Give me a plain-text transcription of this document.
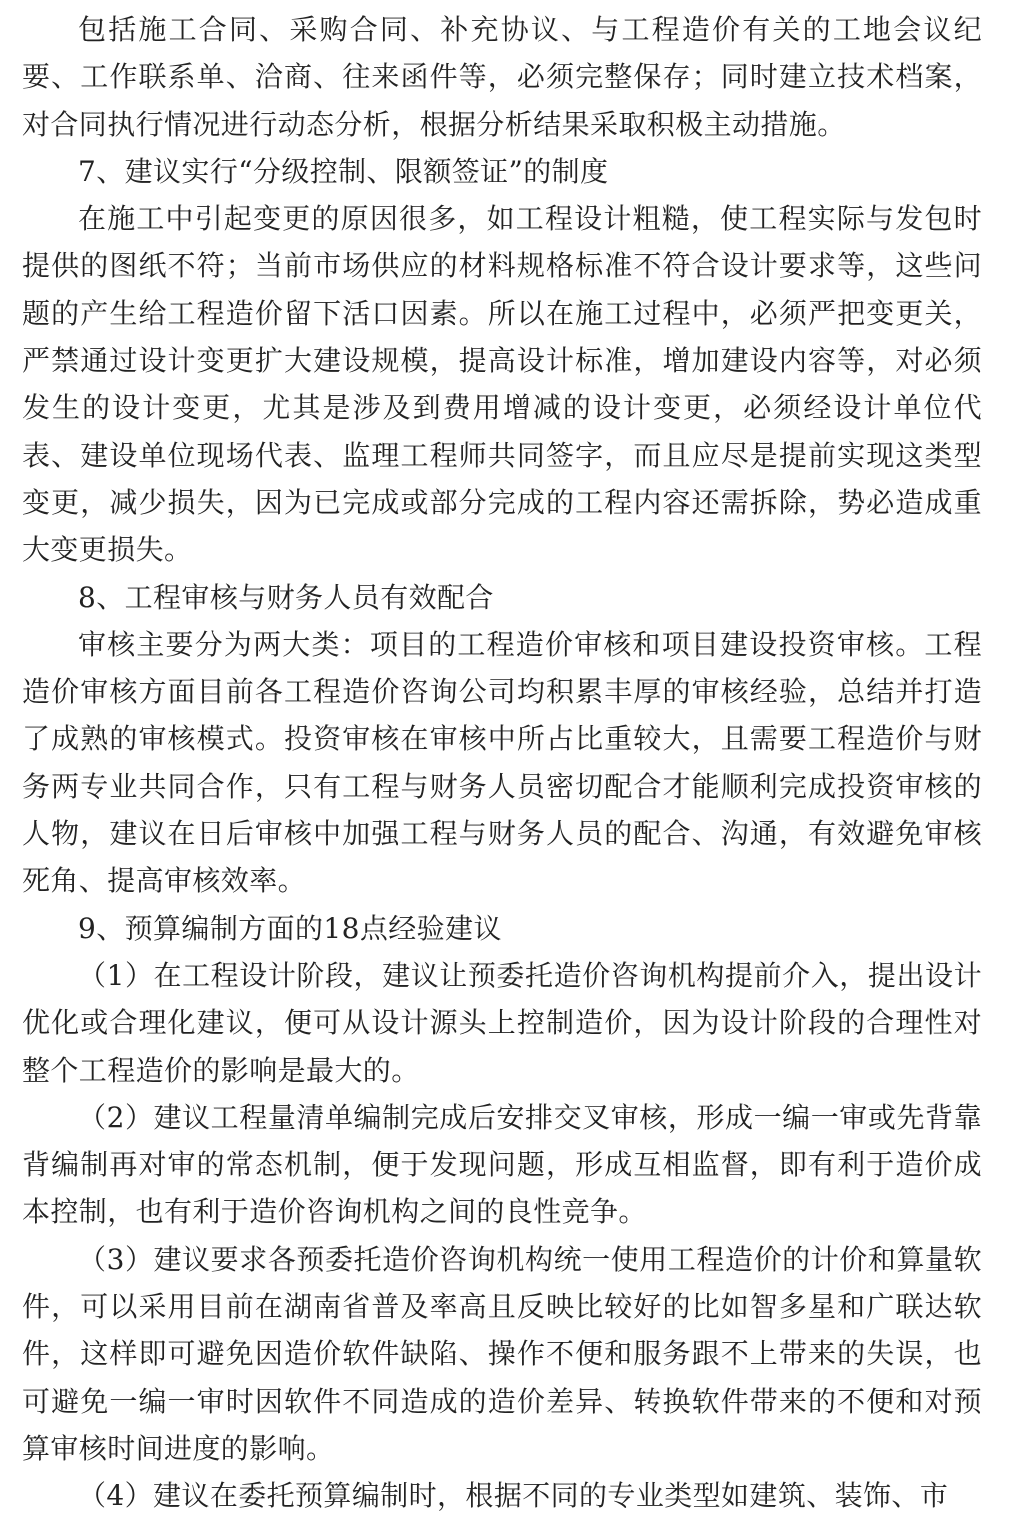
包括施工合同、采购合同、补充协议、与工程造价有关的工地会议纪要、工作联系单、洽商、往来函件等，必须完整保存；同时建立技术档案，对合同执行情况进行动态分析，根据分析结果采取积极主动措施。

7、建议实行“分级控制、限额签证”的制度

在施工中引起变更的原因很多，如工程设计粗糙，使工程实际与发包时提供的图纸不符；当前市场供应的材料规格标准不符合设计要求等，这些问题的产生给工程造价留下活口因素。所以在施工过程中，必须严把变更关，严禁通过设计变更扩大建设规模，提高设计标准，增加建设内容等，对必须发生的设计变更，尤其是涉及到费用增减的设计变更，必须经设计单位代表、建设单位现场代表、监理工程师共同签字，而且应尽是提前实现这类型变更，减少损失，因为已完成或部分完成的工程内容还需拆除，势必造成重大变更损失。

8、工程审核与财务人员有效配合

审核主要分为两大类：项目的工程造价审核和项目建设投资审核。工程造价审核方面目前各工程造价咨询公司均积累丰厚的审核经验，总结并打造了成熟的审核模式。投资审核在审核中所占比重较大，且需要工程造价与财务两专业共同合作，只有工程与财务人员密切配合才能顺利完成投资审核的人物，建议在日后审核中加强工程与财务人员的配合、沟通，有效避免审核死角、提高审核效率。

9、预算编制方面的18点经验建议

（1）在工程设计阶段，建议让预委托造价咨询机构提前介入，提出设计优化或合理化建议，便可从设计源头上控制造价，因为设计阶段的合理性对整个工程造价的影响是最大的。

（2）建议工程量清单编制完成后安排交叉审核，形成一编一审或先背靠背编制再对审的常态机制，便于发现问题，形成互相监督，即有利于造价成本控制，也有利于造价咨询机构之间的良性竞争。

（3）建议要求各预委托造价咨询机构统一使用工程造价的计价和算量软件，可以采用目前在湖南省普及率高且反映比较好的比如智多星和广联达软件，这样即可避免因造价软件缺陷、操作不便和服务跟不上带来的失误，也可避免一编一审时因软件不同造成的造价差异、转换软件带来的不便和对预算审核时间进度的影响。

（4）建议在委托预算编制时，根据不同的专业类型如建筑、装饰、市
